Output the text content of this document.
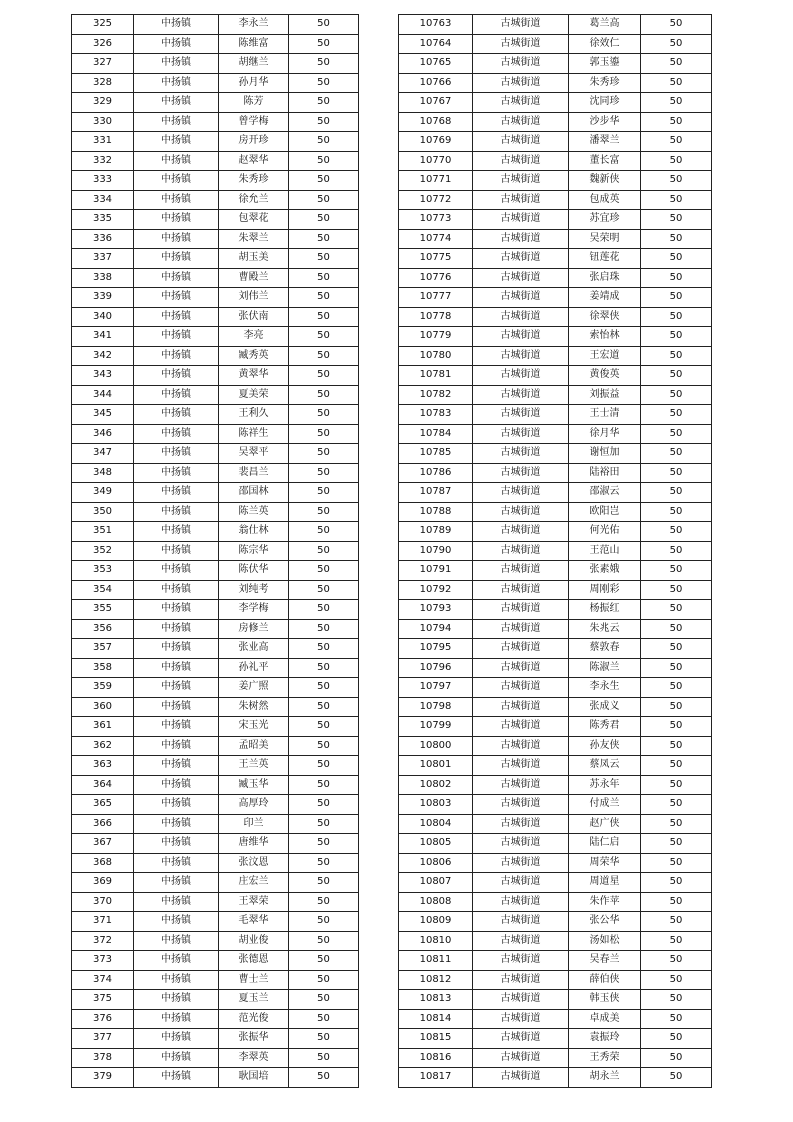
325	中扬镇	李永兰	50
326	中扬镇	陈维富	50
327	中扬镇	胡继兰	50
328	中扬镇	孙月华	50
329	中扬镇	陈芳	50
330	中扬镇	曾学梅	50
331	中扬镇	房开珍	50
332	中扬镇	赵翠华	50
333	中扬镇	朱秀珍	50
334	中扬镇	徐允兰	50
335	中扬镇	包翠花	50
336	中扬镇	朱翠兰	50
337	中扬镇	胡玉美	50
338	中扬镇	曹殿兰	50
339	中扬镇	刘伟兰	50
340	中扬镇	张伏南	50
341	中扬镇	李亮	50
342	中扬镇	臧秀英	50
343	中扬镇	黄翠华	50
344	中扬镇	夏美荣	50
345	中扬镇	王利久	50
346	中扬镇	陈祥生	50
347	中扬镇	吴翠平	50
348	中扬镇	裴昌兰	50
349	中扬镇	邵国林	50
350	中扬镇	陈兰英	50
351	中扬镇	翁仕林	50
352	中扬镇	陈宗华	50
353	中扬镇	陈伏华	50
354	中扬镇	刘纯考	50
355	中扬镇	李学梅	50
356	中扬镇	房修兰	50
357	中扬镇	张业高	50
358	中扬镇	孙礼平	50
359	中扬镇	姜广照	50
360	中扬镇	朱树然	50
361	中扬镇	宋玉光	50
362	中扬镇	孟昭美	50
363	中扬镇	王兰英	50
364	中扬镇	臧玉华	50
365	中扬镇	高厚玲	50
366	中扬镇	印兰	50
367	中扬镇	唐维华	50
368	中扬镇	张汶恩	50
369	中扬镇	庄宏兰	50
370	中扬镇	王翠荣	50
371	中扬镇	毛翠华	50
372	中扬镇	胡业俊	50
373	中扬镇	张德恩	50
374	中扬镇	曹士兰	50
375	中扬镇	夏玉兰	50
376	中扬镇	范光俊	50
377	中扬镇	张振华	50
378	中扬镇	李翠英	50
379	中扬镇	耿国培	50
10763	古城街道	葛兰高	50
10764	古城街道	徐效仁	50
10765	古城街道	郭玉鎏	50
10766	古城街道	朱秀珍	50
10767	古城街道	沈同珍	50
10768	古城街道	沙步华	50
10769	古城街道	潘翠兰	50
10770	古城街道	董长富	50
10771	古城街道	魏新侠	50
10772	古城街道	包成英	50
10773	古城街道	苏宜珍	50
10774	古城街道	吴荣明	50
10775	古城街道	钮莲花	50
10776	古城街道	张启珠	50
10777	古城街道	姜靖成	50
10778	古城街道	徐翠侠	50
10779	古城街道	索怡林	50
10780	古城街道	王宏道	50
10781	古城街道	黄俊英	50
10782	古城街道	刘振益	50
10783	古城街道	王士清	50
10784	古城街道	徐月华	50
10785	古城街道	谢恒加	50
10786	古城街道	陆裕田	50
10787	古城街道	邵淑云	50
10788	古城街道	欧阳岂	50
10789	古城街道	何光佑	50
10790	古城街道	王范山	50
10791	古城街道	张素娥	50
10792	古城街道	周刚彩	50
10793	古城街道	杨振红	50
10794	古城街道	朱兆云	50
10795	古城街道	蔡敦春	50
10796	古城街道	陈淑兰	50
10797	古城街道	李永生	50
10798	古城街道	张成义	50
10799	古城街道	陈秀君	50
10800	古城街道	孙友侠	50
10801	古城街道	蔡凤云	50
10802	古城街道	苏永年	50
10803	古城街道	付成兰	50
10804	古城街道	赵广侠	50
10805	古城街道	陆仁启	50
10806	古城街道	周荣华	50
10807	古城街道	周道星	50
10808	古城街道	朱作苹	50
10809	古城街道	张公华	50
10810	古城街道	汤如松	50
10811	古城街道	吴春兰	50
10812	古城街道	薛伯侠	50
10813	古城街道	韩玉侠	50
10814	古城街道	卓成美	50
10815	古城街道	袁振玲	50
10816	古城街道	王秀荣	50
10817	古城街道	胡永兰	50
